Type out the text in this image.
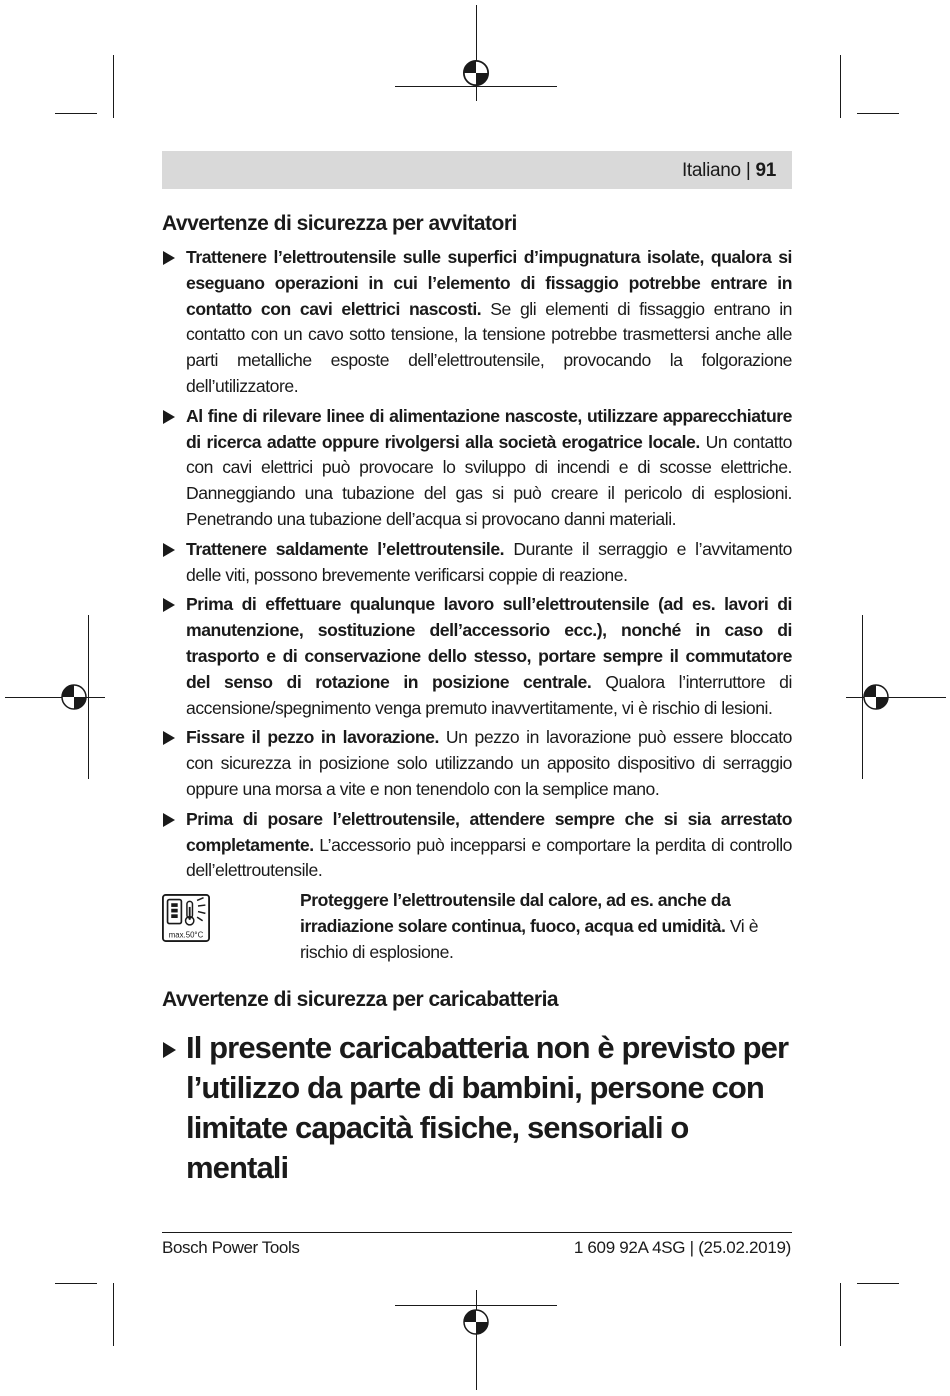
Italiano | 91
Avvertenze di sicurezza per avvitatori
Trattenere l’elettroutensile sulle superfici d’impugnatura isolate, qualora si eseguano operazioni in cui l’elemento di fissaggio potrebbe entrare in contatto con cavi elettrici nascosti. Se gli elementi di fissaggio entrano in contatto con un cavo sotto tensione, la tensione potrebbe trasmettersi anche alle parti metalliche esposte dell’elettroutensile, provocando la folgorazione dell’utilizzatore.
Al fine di rilevare linee di alimentazione nascoste, utilizzare apparecchiature di ricerca adatte oppure rivolgersi alla società erogatrice locale. Un contatto con cavi elettrici può provocare lo sviluppo di incendi e di scosse elettriche. Danneggiando una tubazione del gas si può creare il pericolo di esplosioni. Penetrando una tubazione dell’acqua si provocano danni materiali.
Trattenere saldamente l’elettroutensile. Durante il serraggio e l’avvitamento delle viti, possono brevemente verificarsi coppie di reazione.
Prima di effettuare qualunque lavoro sull’elettroutensile (ad es. lavori di manutenzione, sostituzione dell’accessorio ecc.), nonché in caso di trasporto e di conservazione dello stesso, portare sempre il commutatore del senso di rotazione in posizione centrale. Qualora l’interruttore di accensione/spegnimento venga premuto inavvertitamente, vi è rischio di lesioni.
Fissare il pezzo in lavorazione. Un pezzo in lavorazione può essere bloccato con sicurezza in posizione solo utilizzando un apposito dispositivo di serraggio oppure una morsa a vite e non tenendolo con la semplice mano.
Prima di posare l’elettroutensile, attendere sempre che si sia arrestato completamente. L’accessorio può incepparsi e comportare la perdita di controllo dell’elettroutensile.
max.50°C
Proteggere l’elettroutensile dal calore, ad es. anche da irradiazione solare continua, fuoco, acqua ed umidità. Vi è rischio di esplosione.
Avvertenze di sicurezza per caricabatteria
Il presente caricabatteria non è previsto per l’utilizzo da parte di bambini, persone con limitate capacità fisiche, sensoriali o mentali
Bosch Power Tools	1 609 92A 4SG | (25.02.2019)
